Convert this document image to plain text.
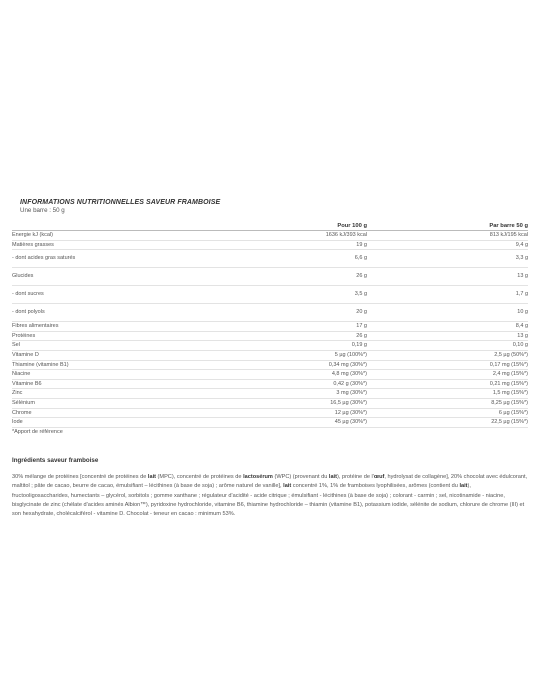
INFORMATIONS NUTRITIONNELLES SAVEUR FRAMBOISE
Une barre : 50 g
	Pour 100 g	Par barre 50 g
Energie kJ (kcal)	1636 kJ/393 kcal	813 kJ/195 kcal
Matières grasses	19 g	9,4 g
- dont acides gras saturés	6,6 g	3,3 g
Glucides	26 g	13 g
- dont sucres	3,5 g	1,7 g
- dont polyols	20 g	10 g
Fibres alimentaires	17 g	8,4 g
Protéines	26 g	13 g
Sel	0,19 g	0,10 g
Vitamine D	5 µg (100%*)	2,5 µg (50%*)
Thiamine (vitamine B1)	0,34 mg (30%*)	0,17 mg (15%*)
Niacine	4,8 mg (30%*)	2,4 mg (15%*)
Vitamine B6	0,42 g (30%*)	0,21 mg (15%*)
Zinc	3 mg (30%*)	1,5 mg (15%*)
Sélénium	16,5 µg (30%*)	8,25 µg (15%*)
Chrome	12 µg (30%*)	6 µg (15%*)
Iode	45 µg (30%*)	22,5 µg (15%*)
*Apport de référence
Ingrédients saveur framboise
30% mélange de protéines [concentré de protéines de lait (MPC), concentré de protéines de lactosérum (WPC) (provenant du lait), protéine de l'œuf, hydrolysat de collagène], 20% chocolat avec édulcorant, maltitol ; pâte de cacao, beurre de cacao, émulsifiant – lécithines (à base de soja) ; arôme naturel de vanille], lait concentré 1%, 1% de framboises lyophilisées, arômes (contient du lait), fructooligosaccharides, humectants – glycérol, sorbitols ; gomme xanthane ; régulateur d'acidité - acide citrique ; émulsifiant - lécithines (à base de soja) ; colorant - carmin ; sel, nicotinamide - niacine, bisglycinate de zinc (chélate d'acides aminés Albion™), pyridoxine hydrochloride, vitamine B6, thiamine hydrochloride – thiamin (vitamine B1), potassium iodide, sélénite de sodium, chlorure de chrome (III) et son hexahydrate, cholécalciférol - vitamine D. Chocolat - teneur en cacao : minimum 53%.
